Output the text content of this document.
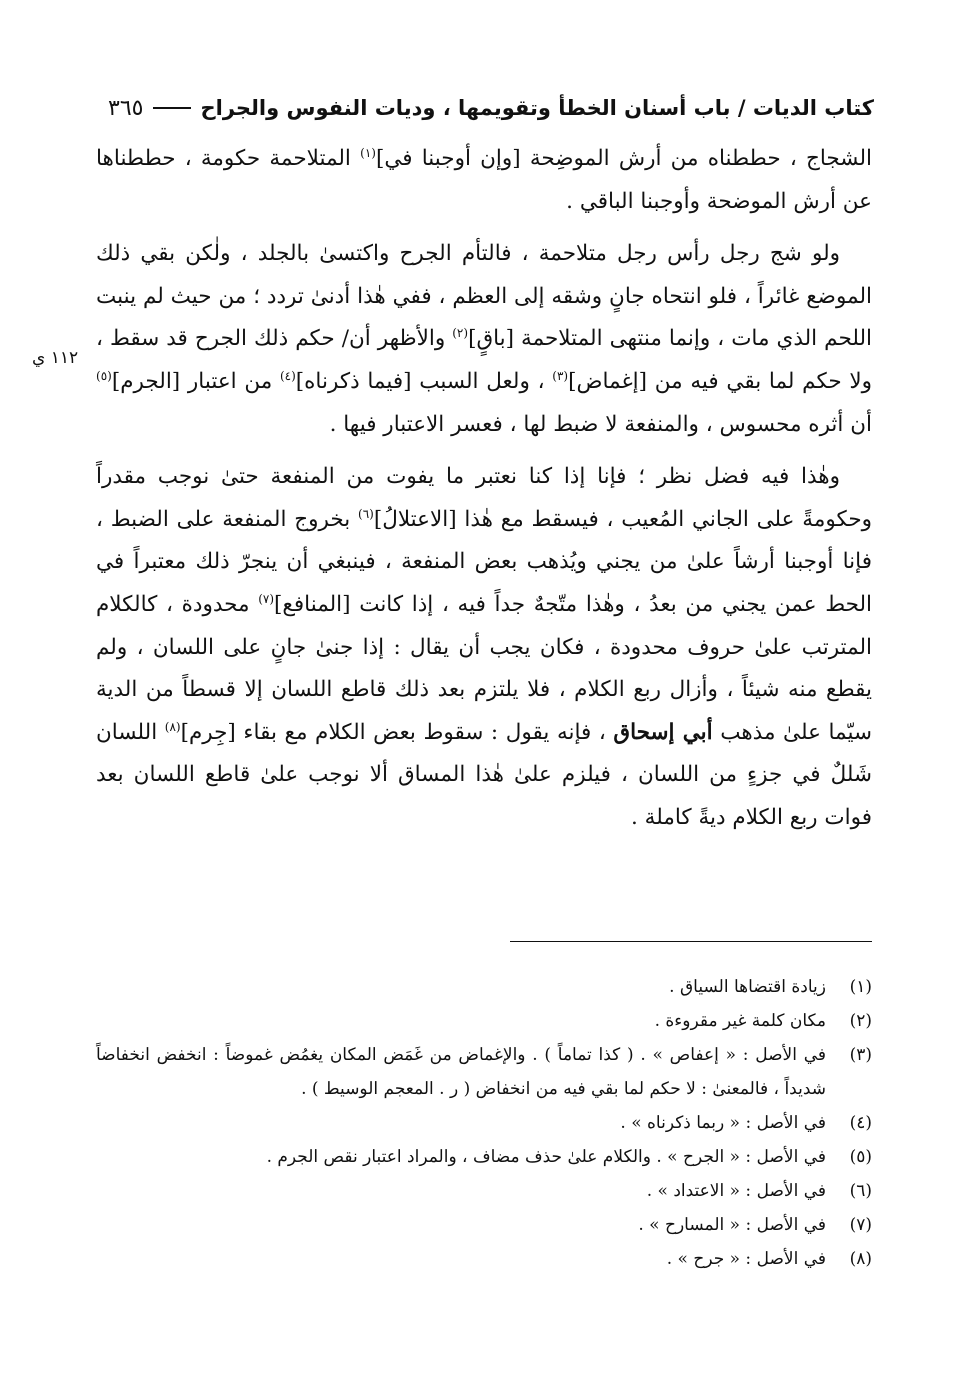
كتاب الديات / باب أسنان الخطأ وتقويمها ، وديات النفوس والجراح
٣٦٥
١١٢ ي

الشجاج ، حططناه من أرش الموضِحة [وإن أوجبنا في]$^{(١)}$ المتلاحمة حكومة ، حططناها عن أرش الموضحة وأوجبنا الباقي .

ولو شج رجل رأس رجل متلاحمة ، فالتأم الجرح واكتسىٰ بالجلد ، ولٰكن بقي ذلك الموضع غائراً ، فلو انتحاه جانٍ وشقه إلى العظم ، ففي هٰذا أدنىٰ تردد ؛ من حيث لم ينبت اللحم الذي مات ، وإنما منتهى المتلاحمة [باقٍ]$^{(٢)}$ والأظهر أن/ حكم ذلك الجرح قد سقط ، ولا حكم لما بقي فيه من [إغماض]$^{(٣)}$ ، ولعل السبب [فيما ذكرناه]$^{(٤)}$ من اعتبار [الجرم]$^{(٥)}$ أن أثره محسوس ، والمنفعة لا ضبط لها ، فعسر الاعتبار فيها .

وهٰذا فيه فضل نظر ؛ فإنا إذا كنا نعتبر ما يفوت من المنفعة حتىٰ نوجب مقدراً وحكومةً على الجاني المُعيب ، فيسقط مع هٰذا [الاعتلالُ]$^{(٦)}$ بخروج المنفعة على الضبط ، فإنا أوجبنا أرشاً علىٰ من يجني ويُذهب بعض المنفعة ، فينبغي أن ينجرّ ذلك معتبراً في الحط عمن يجني من بعدُ ، وهٰذا متّجهٌ جداً فيه ، إذا كانت [المنافع]$^{(٧)}$ محدودة ، كالكلام المترتب علىٰ حروف محدودة ، فكان يجب أن يقال : إذا جنىٰ جانٍ على اللسان ، ولم يقطع منه شيئاً ، وأزال ربع الكلام ، فلا يلتزم بعد ذلك قاطع اللسان إلا قسطاً من الدية سيّما علىٰ مذهب أبي إسحاق ، فإنه يقول : سقوط بعض الكلام مع بقاء [جِرم]$^{(٨)}$ اللسان شَللٌ في جزءٍ من اللسان ، فيلزم علىٰ هٰذا المساق ألا نوجب علىٰ قاطع اللسان بعد فوات ربع الكلام ديةً كاملة .

(١)
زيادة اقتضاها السياق .
(٢)
مكان كلمة غير مقروءة .
(٣)
في الأصل : « إعفاص » . ( كذا تماماً ) . والإغماض من غَمَض المكان يغمُض غموضاً : انخفض انخفاضاً شديداً ، فالمعنىٰ : لا حكم لما بقي فيه من انخفاض ( ر . المعجم الوسيط ) .
(٤)
في الأصل : « ربما ذكرناه » .
(٥)
في الأصل : « الجرح » . والكلام علىٰ حذف مضاف ، والمراد اعتبار نقص الجرم .
(٦)
في الأصل : « الاعتداد » .
(٧)
في الأصل : « المسارح » .
(٨)
في الأصل : « جرح » .
